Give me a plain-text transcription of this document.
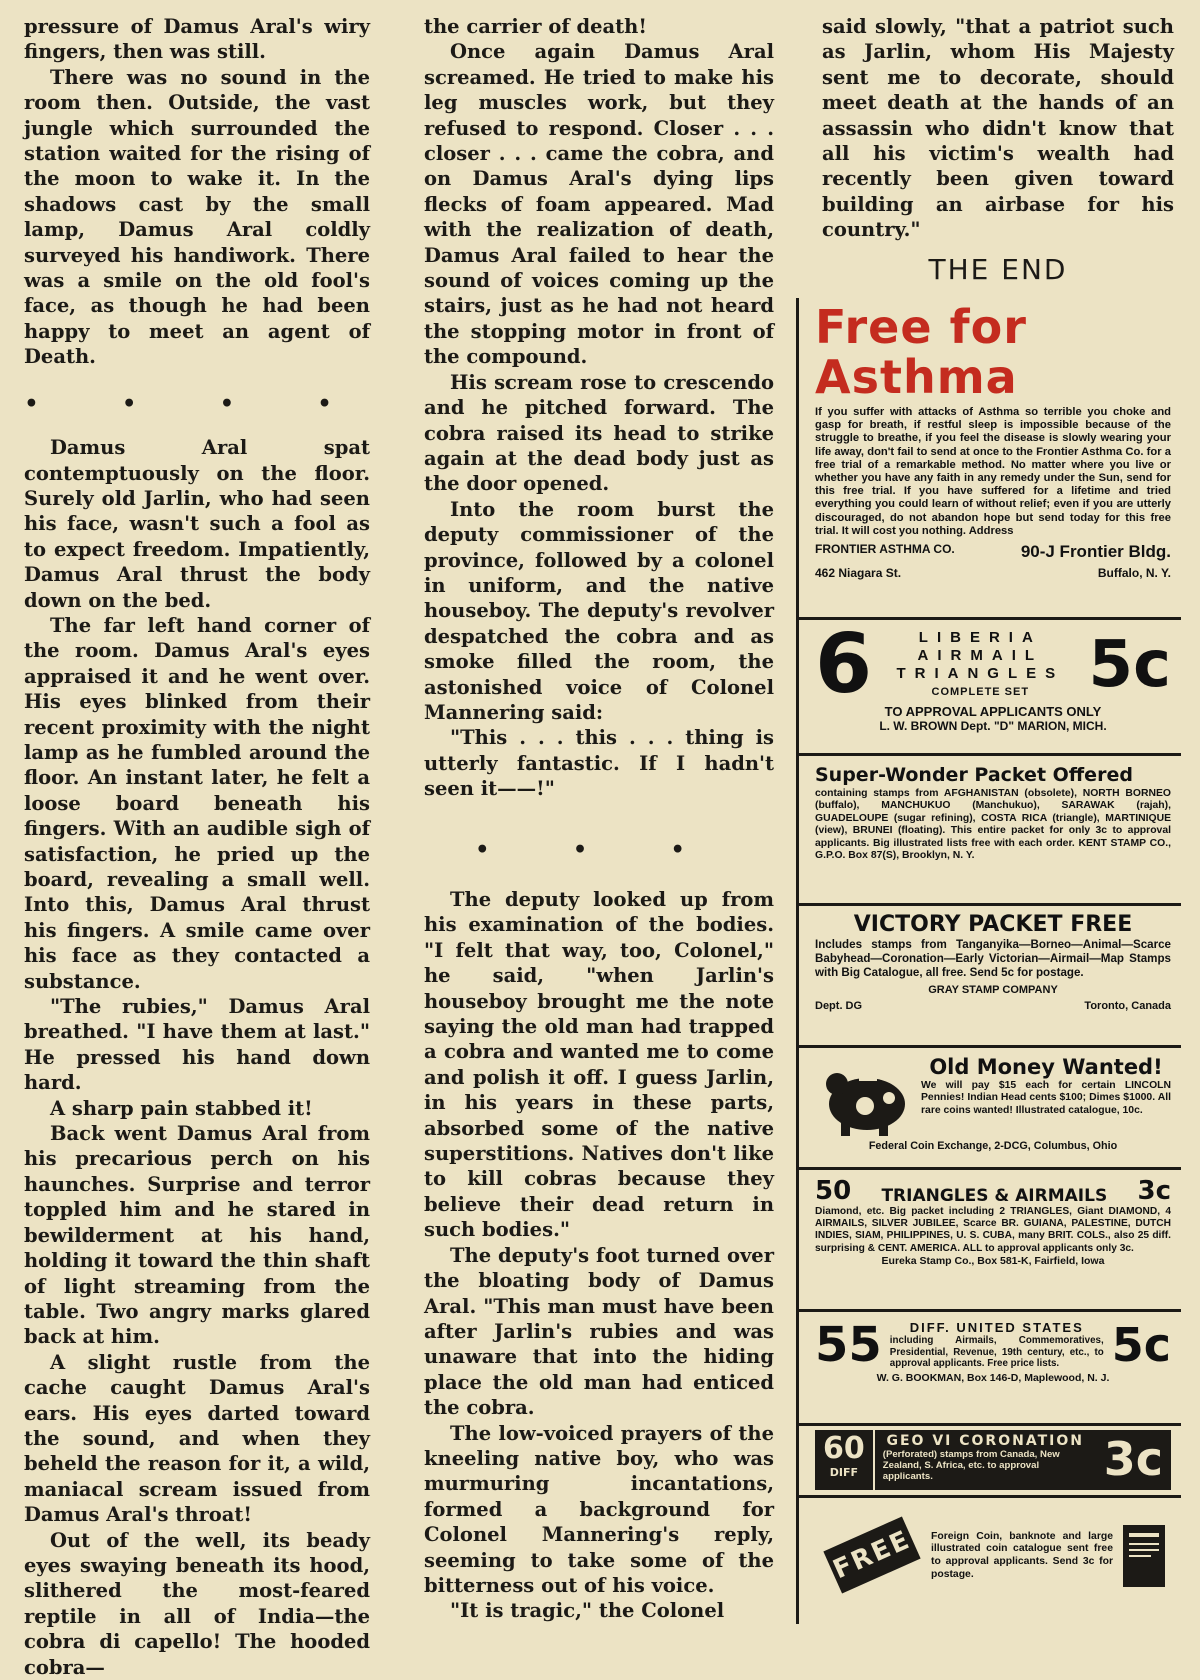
pressure of Damus Aral's wiry fingers, then was still.

There was no sound in the room then. Outside, the vast jungle which surrounded the station waited for the rising of the moon to wake it. In the shadows cast by the small lamp, Damus Aral coldly surveyed his handiwork. There was a smile on the old fool's face, as though he had been happy to meet an agent of Death.

• • • •

Damus Aral spat contemptuously on the floor. Surely old Jarlin, who had seen his face, wasn't such a fool as to expect freedom. Impatiently, Damus Aral thrust the body down on the bed.

The far left hand corner of the room. Damus Aral's eyes appraised it and he went over. His eyes blinked from their recent proximity with the night lamp as he fumbled around the floor. An instant later, he felt a loose board beneath his fingers. With an audible sigh of satisfaction, he pried up the board, revealing a small well. Into this, Damus Aral thrust his fingers. A smile came over his face as they contacted a substance.

"The rubies," Damus Aral breathed. "I have them at last." He pressed his hand down hard.

A sharp pain stabbed it!

Back went Damus Aral from his precarious perch on his haunches. Surprise and terror toppled him and he stared in bewilderment at his hand, holding it toward the thin shaft of light streaming from the table. Two angry marks glared back at him.

A slight rustle from the cache caught Damus Aral's ears. His eyes darted toward the sound, and when they beheld the reason for it, a wild, maniacal scream issued from Damus Aral's throat!

Out of the well, its beady eyes swaying beneath its hood, slithered the most-feared reptile in all of India—the cobra di capello! The hooded cobra—

the carrier of death!

Once again Damus Aral screamed. He tried to make his leg muscles work, but they refused to respond. Closer . . . closer . . . came the cobra, and on Damus Aral's dying lips flecks of foam appeared. Mad with the realization of death, Damus Aral failed to hear the sound of voices coming up the stairs, just as he had not heard the stopping motor in front of the compound.

His scream rose to crescendo and he pitched forward. The cobra raised its head to strike again at the dead body just as the door opened.

Into the room burst the deputy commissioner of the province, followed by a colonel in uniform, and the native houseboy. The deputy's revolver despatched the cobra and as smoke filled the room, the astonished voice of Colonel Mannering said:

"This . . . this . . . thing is utterly fantastic. If I hadn't seen it——!"

• • •

The deputy looked up from his examination of the bodies. "I felt that way, too, Colonel," he said, "when Jarlin's houseboy brought me the note saying the old man had trapped a cobra and wanted me to come and polish it off. I guess Jarlin, in his years in these parts, absorbed some of the native superstitions. Natives don't like to kill cobras because they believe their dead return in such bodies."

The deputy's foot turned over the bloating body of Damus Aral. "This man must have been after Jarlin's rubies and was unaware that into the hiding place the old man had enticed the cobra.

The low-voiced prayers of the kneeling native boy, who was murmuring incantations, formed a background for Colonel Mannering's reply, seeming to take some of the bitterness out of his voice.

"It is tragic," the Colonel

said slowly, "that a patriot such as Jarlin, whom His Majesty sent me to decorate, should meet death at the hands of an assassin who didn't know that all his victim's wealth had recently been given toward building an airbase for his country."

THE END
Free for Asthma
If you suffer with attacks of Asthma so terrible you choke and gasp for breath, if restful sleep is impossible because of the struggle to breathe, if you feel the disease is slowly wearing your life away, don't fail to send at once to the Frontier Asthma Co. for a free trial of a remarkable method. No matter where you live or whether you have any faith in any remedy under the Sun, send for this free trial. If you have suffered for a lifetime and tried everything you could learn of without relief; even if you are utterly discouraged, do not abandon hope but send today for this free trial. It will cost you nothing. Address
FRONTIER ASTHMA CO.	90-J Frontier Bldg.
462 Niagara St.	Buffalo, N. Y.
6	LIBERIA
AIRMAIL
TRIANGLES
COMPLETE SET 5c
TO APPROVAL APPLICANTS ONLY
L. W. BROWN Dept. "D" MARION, MICH.
Super-Wonder Packet Offered
containing stamps from AFGHANISTAN (obsolete), NORTH BORNEO (buffalo), MANCHUKUO (Manchukuo), SARAWAK (rajah), GUADELOUPE (sugar refining), COSTA RICA (triangle), MARTINIQUE (view), BRUNEI (floating). This entire packet for only 3c to approval applicants. Big illustrated lists free with each order. KENT STAMP CO., G.P.O. Box 87(S), Brooklyn, N. Y.
VICTORY PACKET FREE
Includes stamps from Tanganyika—Borneo—Animal—Scarce Babyhead—Coronation—Early Victorian—Airmail—Map Stamps with Big Catalogue, all free. Send 5c for postage.
GRAY STAMP COMPANY
Dept. DG	Toronto, Canada
Old Money Wanted!
We will pay $15 each for certain LINCOLN Pennies! Indian Head cents $100; Dimes $1000. All rare coins wanted! Illustrated catalogue, 10c.
Federal Coin Exchange, 2-DCG, Columbus, Ohio
50	TRIANGLES & AIRMAILS	3c
Diamond, etc. Big packet including 2 TRIANGLES, Giant DIAMOND, 4 AIRMAILS, SILVER JUBILEE, Scarce BR. GUIANA, PALESTINE, DUTCH INDIES, SIAM, PHILIPPINES, U. S. CUBA, many BRIT. COLS., also 25 diff. surprising & CENT. AMERICA. ALL to approval applicants only 3c.
Eureka Stamp Co., Box 581-K, Fairfield, Iowa
55	DIFF. UNITED STATES
including Airmails, Commemoratives, Presidential, Revenue, 19th century, etc., to approval applicants. Free price lists.	5c
W. G. BOOKMAN, Box 146-D, Maplewood, N. J.
60
DIFF
GEO VI CORONATION
(Perforated) stamps from Canada, New Zealand, S. Africa, etc. to approval applicants.	3c
FREE	Foreign Coin, banknote and large illustrated coin catalogue sent free to approval applicants. Send 3c for postage.
